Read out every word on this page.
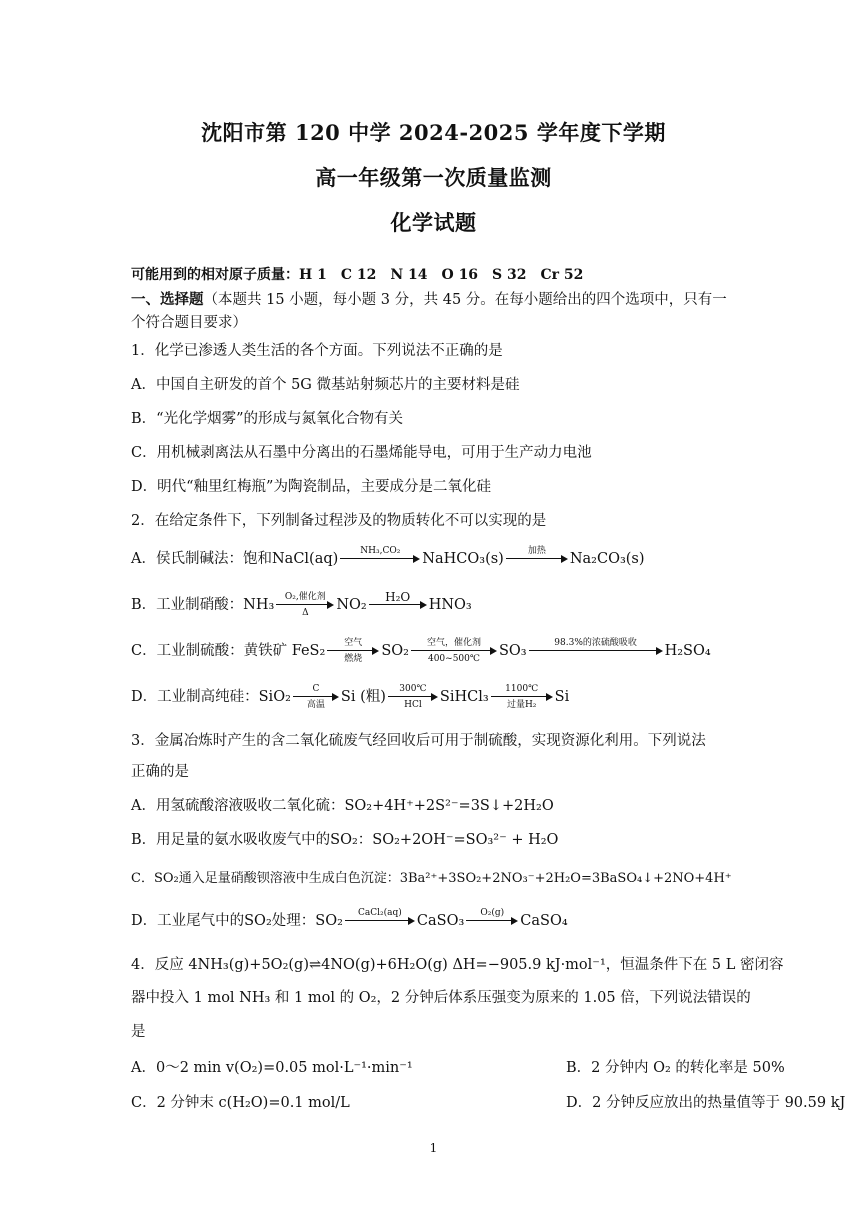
沈阳市第 120 中学 2024-2025 学年度下学期
高一年级第一次质量监测
化学试题
可能用到的相对原子质量：H 1　C 12　N 14　O 16　S 32　Cr 52
一、选择题（本题共 15 小题，每小题 3 分，共 45 分。在每小题给出的四个选项中，只有一
个符合题目要求）
1．化学已渗透人类生活的各个方面。下列说法不正确的是
A．中国自主研发的首个 5G 微基站射频芯片的主要材料是硅
B．“光化学烟雾”的形成与氮氧化合物有关
C．用机械剥离法从石墨中分离出的石墨烯能导电，可用于生产动力电池
D．明代“釉里红梅瓶”为陶瓷制品，主要成分是二氧化硅
2．在给定条件下，下列制备过程涉及的物质转化不可以实现的是
A．侯氏制碱法：饱和NaCl(aq)	NH₃,CO₂	NaHCO₃(s)	加热	Na₂CO₃(s)
B．工业制硝酸：NH₃	O₂,催化剂
Δ	NO₂	H₂O	HNO₃
C．工业制硫酸：黄铁矿 FeS₂	空气
燃烧	SO₂	空气，催化剂
400~500℃	SO₃	98.3%的浓硫酸吸收	H₂SO₄
D．工业制高纯硅：SiO₂	C
高温	Si (粗)	300℃
HCl	SiHCl₃	1100℃
过量H₂	Si
3．金属冶炼时产生的含二氧化硫废气经回收后可用于制硫酸，实现资源化利用。下列说法
正确的是
A．用氢硫酸溶液吸收二氧化硫：SO₂+4H⁺+2S²⁻=3S↓+2H₂O
B．用足量的氨水吸收废气中的SO₂：SO₂+2OH⁻=SO₃²⁻ + H₂O
C．SO₂通入足量硝酸钡溶液中生成白色沉淀：3Ba²⁺+3SO₂+2NO₃⁻+2H₂O=3BaSO₄↓+2NO+4H⁺
D．工业尾气中的SO₂处理：SO₂	CaCl₂(aq)	CaSO₃	O₂(g)	CaSO₄
4．反应 4NH₃(g)+5O₂(g)⇌4NO(g)+6H₂O(g) ΔH=−905.9 kJ·mol⁻¹，恒温条件下在 5 L 密闭容
器中投入 1 mol NH₃ 和 1 mol 的 O₂，2 分钟后体系压强变为原来的 1.05 倍，下列说法错误的
是
A．0～2 min v(O₂)=0.05 mol·L⁻¹·min⁻¹	B．2 分钟内 O₂ 的转化率是 50%
C．2 分钟末 c(H₂O)=0.1 mol/L	D．2 分钟反应放出的热量值等于 90.59 kJ
1
